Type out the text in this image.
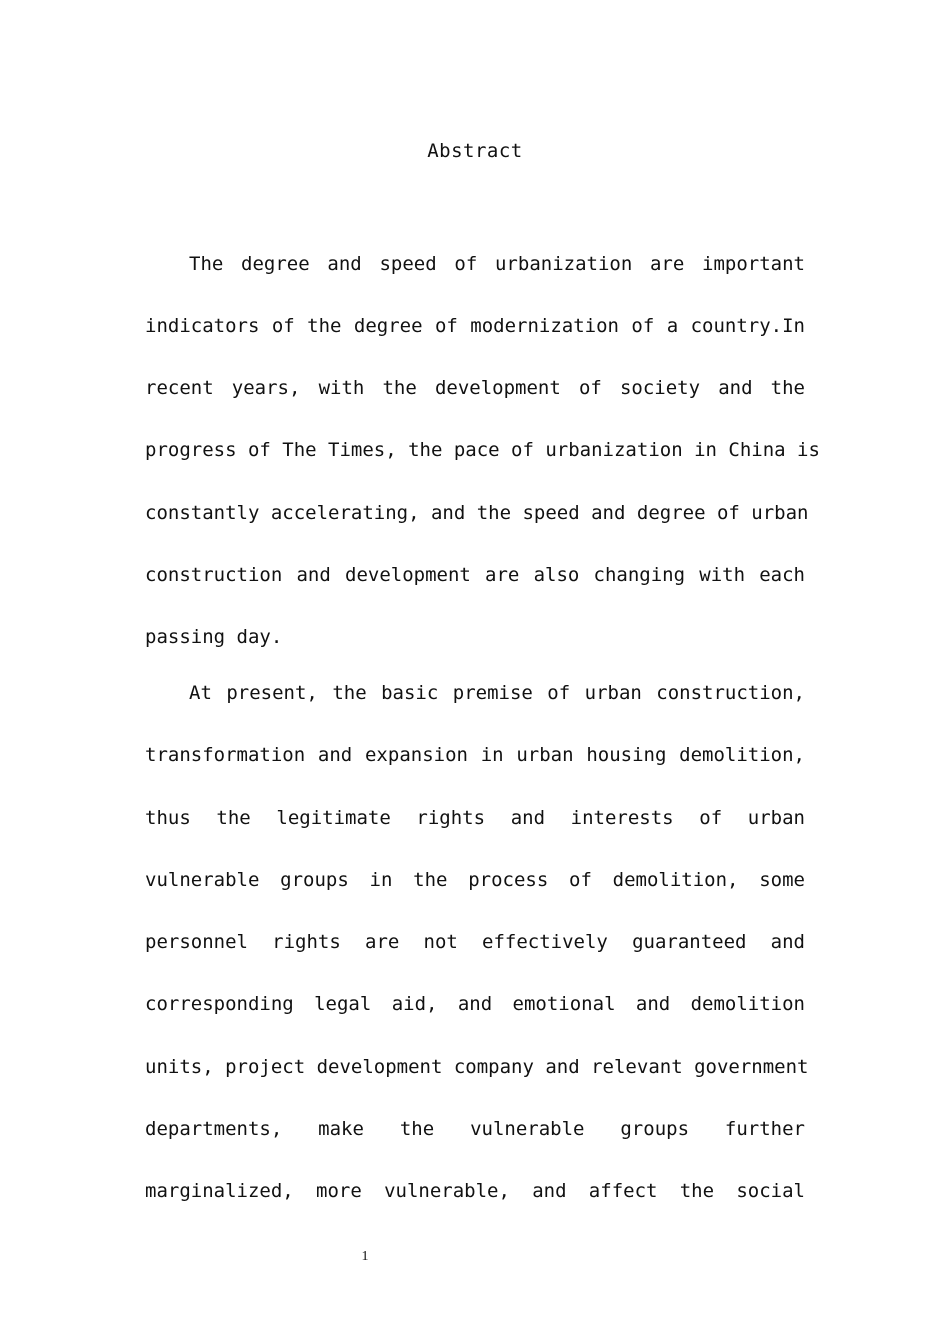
Abstract
The degree and speed of urbanization are important
indicators of the degree of modernization of a country.In
recent years, with the development of society and the
progress of The Times, the pace of urbanization in China is
constantly accelerating, and the speed and degree of urban
construction and development are also changing with each
passing day.
At present, the basic premise of urban construction,
transformation and expansion in urban housing demolition,
thus the legitimate rights and interests of urban
vulnerable groups in the process of demolition, some
personnel rights are not effectively guaranteed and
corresponding legal aid, and emotional and demolition
units, project development company and relevant government
departments, make the vulnerable groups further
marginalized, more vulnerable, and affect the social
1
